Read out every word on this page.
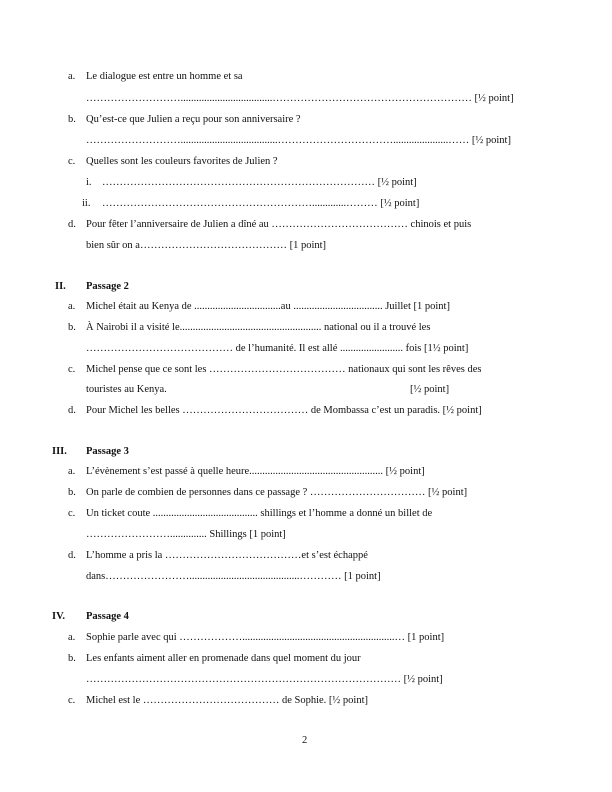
a. Le dialogue est entre un homme et sa
………………………...................................………………………………………………… [½ point]
b. Qu’est-ce que Julien a reçu pour son anniversaire ?
……………………….....................................…………………………….....................…… [½ point]
c. Quelles sont les couleurs favorites de Julien ?
i. …………………………………………………………………… [½ point]
ii. …………………………………………………….............……… [½ point]
d. Pour fêter l’anniversaire de Julien a dîné au ………………………………… chinois et puis
bien sûr on a…………………………………… [1 point]
II. Passage 2
a. Michel était au Kenya de .................................au .................................. Juillet [1 point]
b. À Nairobi il a visité le...................................................... national ou il a trouvé les
…………………………………… de l’humanité. Il est allé ........................ fois [1½ point]
c. Michel pense que ce sont les ………………………………… nationaux qui sont les rêves des
touristes au Kenya.	[½ point]
d. Pour Michel les belles ……………………………… de Mombassa c’est un paradis. [½ point]
III. Passage 3
a. L’évènement s’est passé à quelle heure................................................... [½ point]
b. On parle de combien de personnes dans ce passage ? …………………………… [½ point]
c. Un ticket coute ........................................ shillings et l’homme a donné un billet de
…………………….............. Shillings [1 point]
d. L’homme a pris la …………………………………et s’est échappé
dans……………………..........................................………… [1 point]
IV. Passage 4
a. Sophie parle avec qui ………………..........................................................… [1 point]
b. Les enfants aiment aller en promenade dans quel moment du jour
……………………………………………………………………………… [½ point]
c. Michel est le ………………………………… de Sophie. [½ point]
2
